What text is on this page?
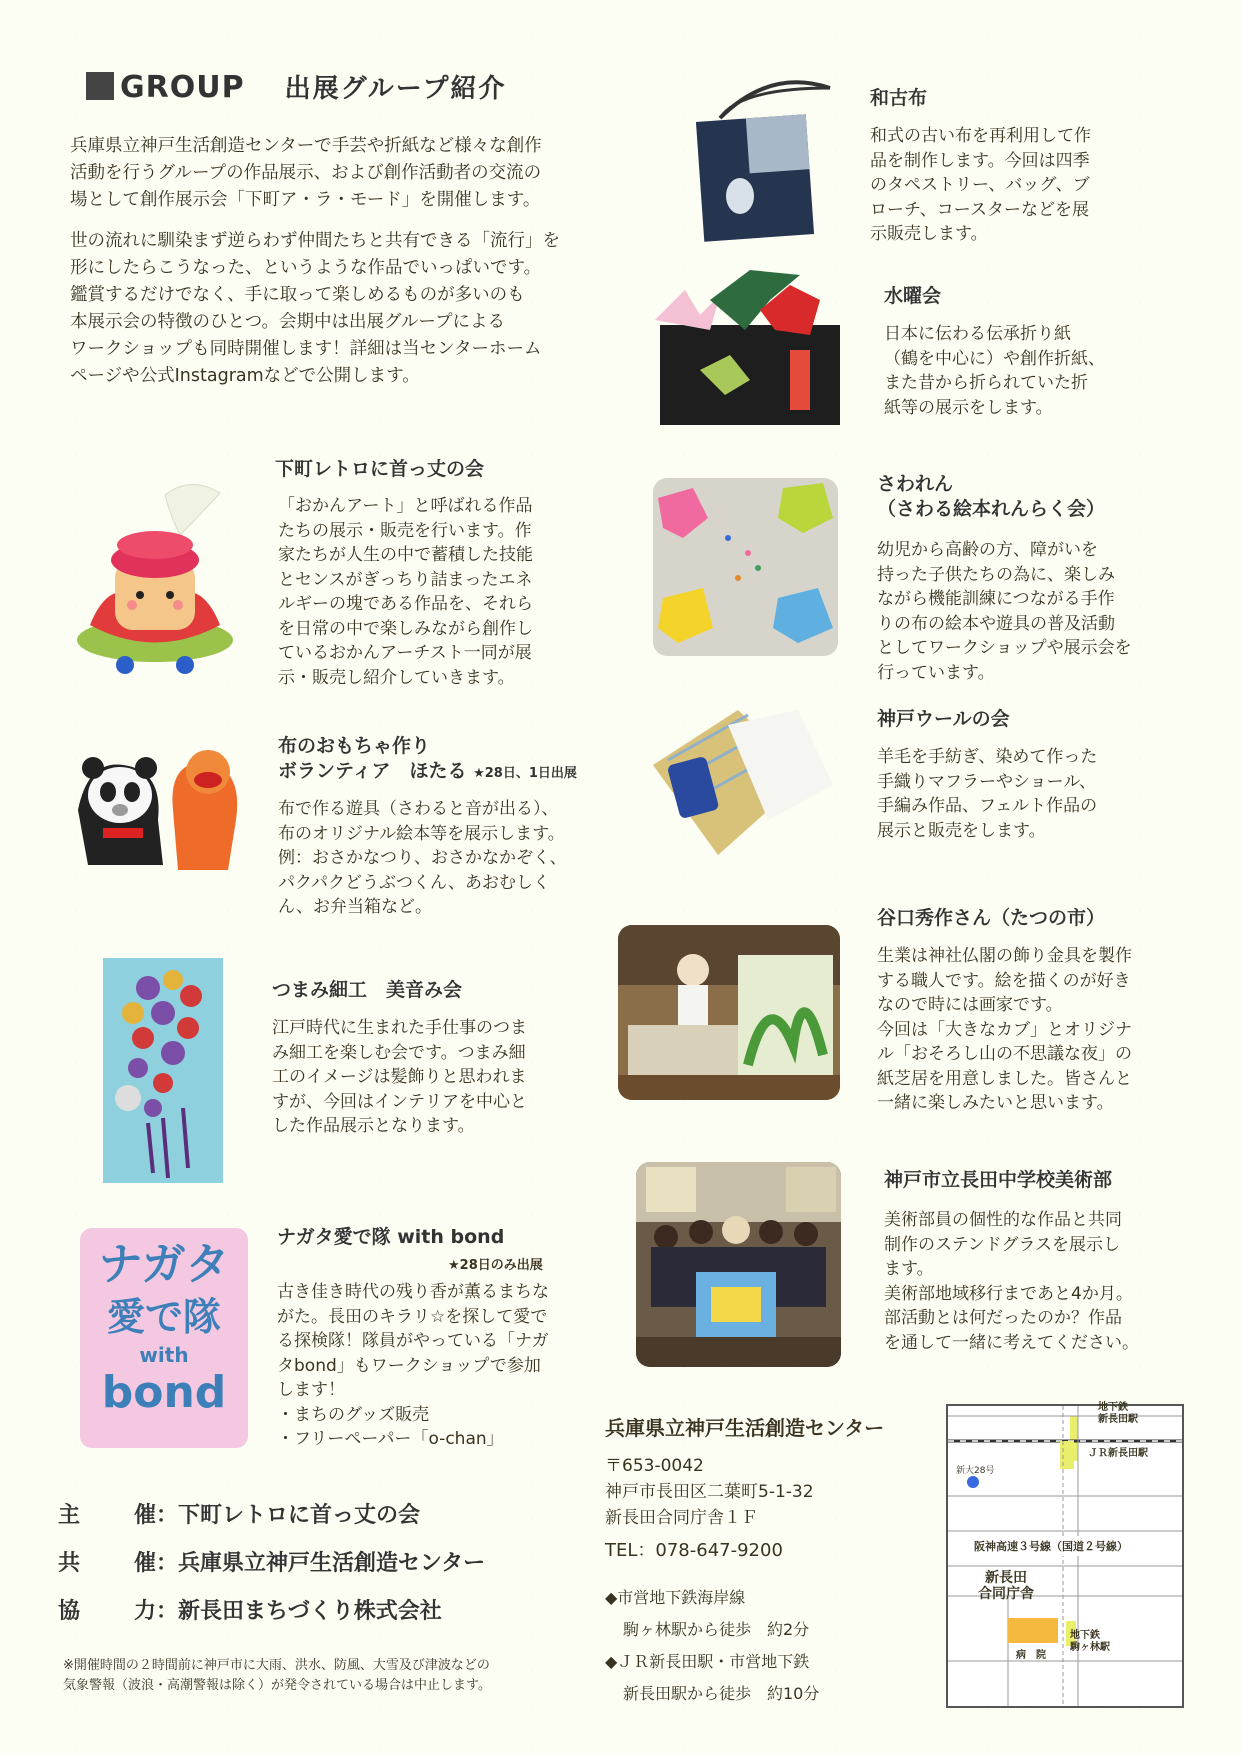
GROUP 出展グループ紹介
兵庫県立神戸生活創造センターで手芸や折紙など様々な創作
活動を行うグループの作品展示、および創作活動者の交流の
場として創作展示会「下町ア・ラ・モード」を開催します。
世の流れに馴染まず逆らわず仲間たちと共有できる「流行」を
形にしたらこうなった、というような作品でいっぱいです。
鑑賞するだけでなく、手に取って楽しめるものが多いのも
本展示会の特徴のひとつ。会期中は出展グループによる
ワークショップも同時開催します！詳細は当センターホーム
ページや公式Instagramなどで公開します。
下町レトロに首っ丈の会
「おかんアート」と呼ばれる作品
たちの展示・販売を行います。作
家たちが人生の中で蓄積した技能
とセンスがぎっちり詰まったエネ
ルギーの塊である作品を、それら
を日常の中で楽しみながら創作し
ているおかんアーチスト一同が展
示・販売し紹介していきます。
布のおもちゃ作り
ボランティア　ほたる ★28日、1日出展
布で作る遊具（さわると音が出る）、
布のオリジナル絵本等を展示します。
例：おさかなつり、おさかなかぞく、
パクパクどうぶつくん、あおむしく
ん、お弁当箱など。
つまみ細工　美音み会
江戸時代に生まれた手仕事のつま
み細工を楽しむ会です。つまみ細
工のイメージは髪飾りと思われま
すが、今回はインテリアを中心と
した作品展示となります。
ナガタ
愛で隊
with
bond
ナガタ愛で隊 with bond
★28日のみ出展
古き佳き時代の残り香が薫るまちな
がた。長田のキラリ☆を探して愛で
る探検隊！隊員がやっている「ナガ
タbond」もワークショップで参加
します！
・まちのグッズ販売
・フリーペーパー「o-chan」
和古布
和式の古い布を再利用して作
品を制作します。今回は四季
のタペストリー、バッグ、ブ
ローチ、コースターなどを展
示販売します。
水曜会
日本に伝わる伝承折り紙
（鶴を中心に）や創作折紙、
また昔から折られていた折
紙等の展示をします。
さわれん
（さわる絵本れんらく会）
幼児から高齢の方、障がいを
持った子供たちの為に、楽しみ
ながら機能訓練につながる手作
りの布の絵本や遊具の普及活動
としてワークショップや展示会を
行っています。
神戸ウールの会
羊毛を手紡ぎ、染めて作った
手織りマフラーやショール、
手編み作品、フェルト作品の
展示と販売をします。
谷口秀作さん（たつの市）
生業は神社仏閣の飾り金具を製作
する職人です。絵を描くのが好き
なので時には画家です。
今回は「大きなカブ」とオリジナ
ル「おそろし山の不思議な夜」の
紙芝居を用意しました。皆さんと
一緒に楽しみたいと思います。
神戸市立長田中学校美術部
美術部員の個性的な作品と共同
制作のステンドグラスを展示し
ます。
美術部地域移行まであと4か月。
部活動とは何だったのか？作品
を通して一緒に考えてください。
主 催：下町レトロに首っ丈の会
共 催：兵庫県立神戸生活創造センター
協 力：新長田まちづくり株式会社
※開催時間の２時間前に神戸市に大雨、洪水、防風、大雪及び津波などの
気象警報（波浪・高潮警報は除く）が発令されている場合は中止します。
兵庫県立神戸生活創造センター
〒653-0042
神戸市長田区二葉町5-1-32
新長田合同庁舎１Ｆ
TEL：078-647-9200
◆市営地下鉄海岸線
駒ヶ林駅から徒歩　約2分
◆ＪＲ新長田駅・市営地下鉄
新長田駅から徒歩　約10分
地下鉄
新長田駅
ＪＲ新長田駅
新大28号
阪神高速３号線（国道２号線）
新長田
合同庁舎
地下鉄
駒ヶ林駅
病　院
